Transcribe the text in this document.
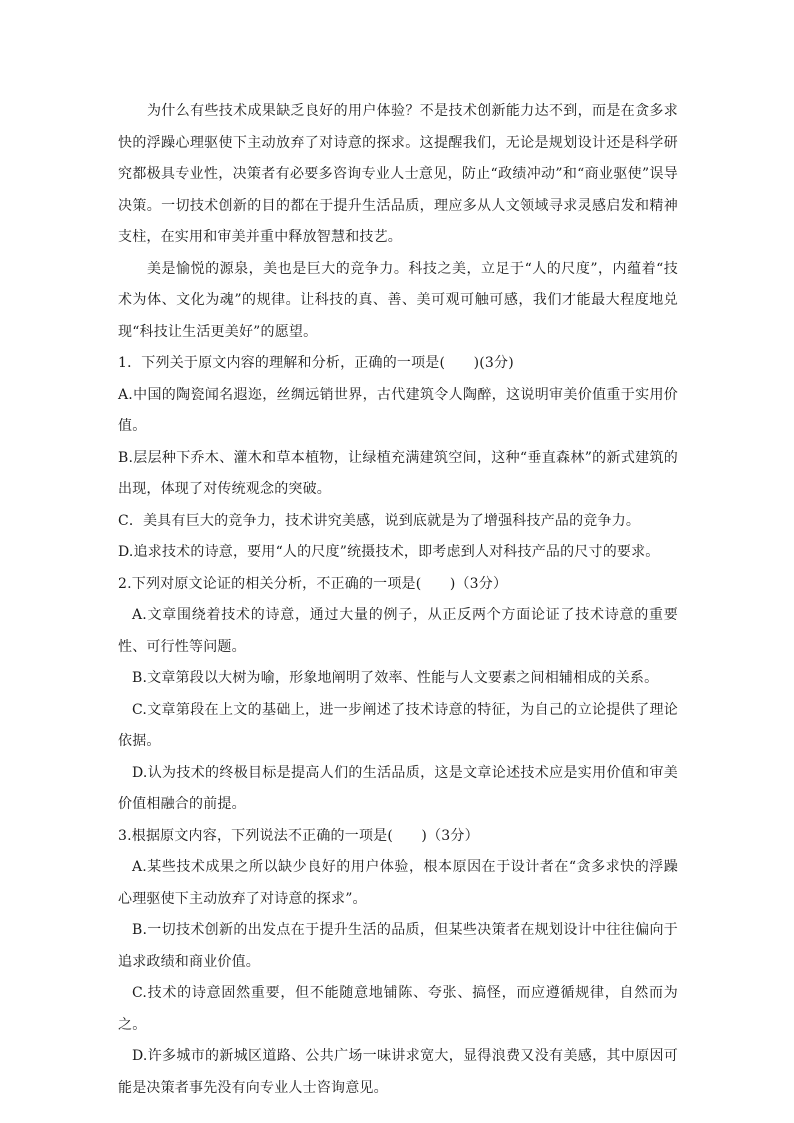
为什么有些技术成果缺乏良好的用户体验？不是技术创新能力达不到，而是在贪多求快的浮躁心理驱使下主动放弃了对诗意的探求。这提醒我们，无论是规划设计还是科学研究都极具专业性，决策者有必要多咨询专业人士意见，防止“政绩冲动”和“商业驱使”误导决策。一切技术创新的目的都在于提升生活品质，理应多从人文领域寻求灵感启发和精神支柱，在实用和审美并重中释放智慧和技艺。

美是愉悦的源泉，美也是巨大的竞争力。科技之美，立足于“人的尺度”，内蕴着“技术为体、文化为魂”的规律。让科技的真、善、美可观可触可感，我们才能最大程度地兑现“科技让生活更美好”的愿望。

1．下列关于原文内容的理解和分析，正确的一项是(　　)(3分)

A.中国的陶瓷闻名遐迩，丝绸远销世界，古代建筑令人陶醉，这说明审美价值重于实用价值。

B.层层种下乔木、灌木和草本植物，让绿植充满建筑空间，这种“垂直森林”的新式建筑的出现，体现了对传统观念的突破。

C．美具有巨大的竞争力，技术讲究美感，说到底就是为了增强科技产品的竞争力。

D.追求技术的诗意，要用“人的尺度”统摄技术，即考虑到人对科技产品的尺寸的要求。

2.下列对原文论证的相关分析，不正确的一项是(　　)（3分）

A.文章围绕着技术的诗意，通过大量的例子，从正反两个方面论证了技术诗意的重要性、可行性等问题。

B.文章第段以大树为喻，形象地阐明了效率、性能与人文要素之间相辅相成的关系。

C.文章第段在上文的基础上，进一步阐述了技术诗意的特征，为自己的立论提供了理论依据。

D.认为技术的终极目标是提高人们的生活品质，这是文章论述技术应是实用价值和审美价值相融合的前提。

3.根据原文内容，下列说法不正确的一项是(　　)（3分）

A.某些技术成果之所以缺少良好的用户体验，根本原因在于设计者在“贪多求快的浮躁心理驱使下主动放弃了对诗意的探求”。

B.一切技术创新的出发点在于提升生活的品质，但某些决策者在规划设计中往往偏向于追求政绩和商业价值。

C.技术的诗意固然重要，但不能随意地铺陈、夸张、搞怪，而应遵循规律，自然而为之。

D.许多城市的新城区道路、公共广场一味讲求宽大，显得浪费又没有美感，其中原因可能是决策者事先没有向专业人士咨询意见。
